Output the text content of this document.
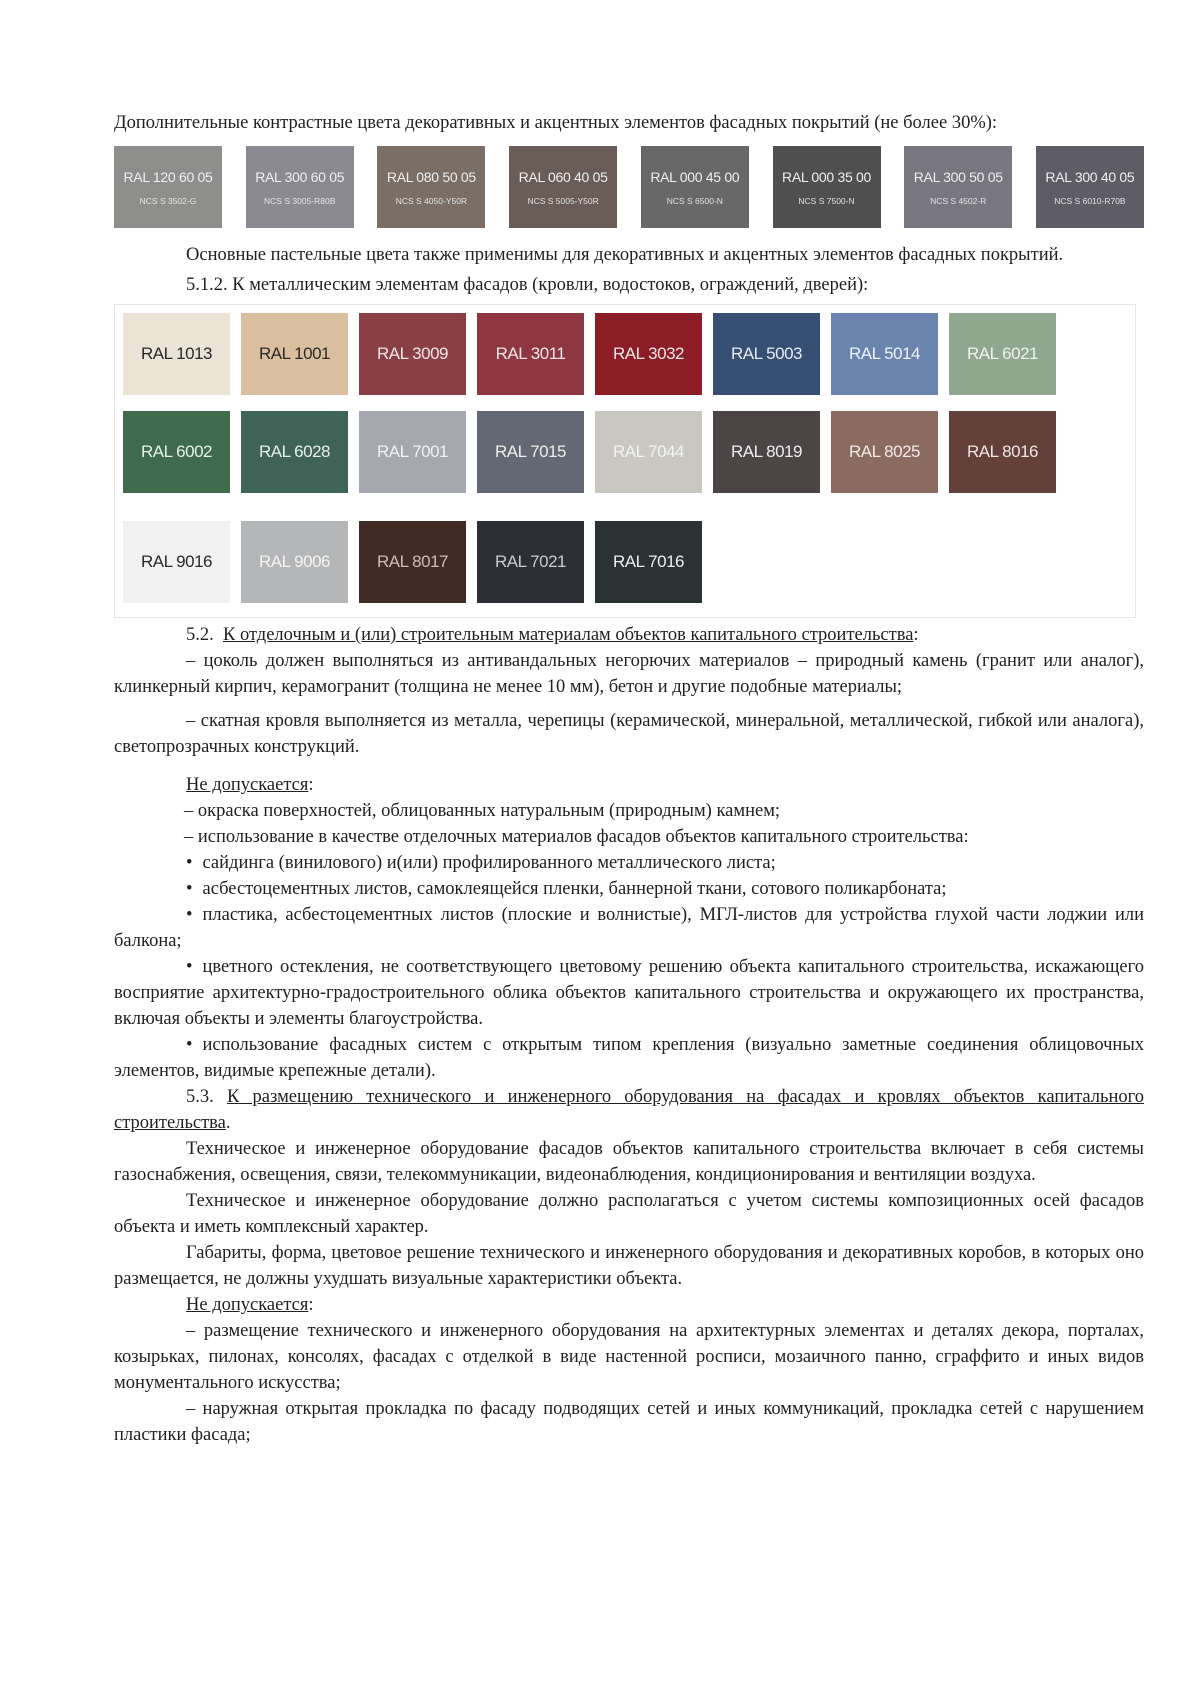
Дополнительные контрастные цвета декоративных и акцентных элементов фасадных покрытий (не более 30%):

RAL 120 60 05
NCS S 3502-G
RAL 300 60 05
NCS S 3005-R80B
RAL 080 50 05
NCS S 4050-Y50R
RAL 060 40 05
NCS S 5005-Y50R
RAL 000 45 00
NCS S 6500-N
RAL 000 35 00
NCS S 7500-N
RAL 300 50 05
NCS S 4502-R
RAL 300 40 05
NCS S 6010-R70B

Основные пастельные цвета также применимы для декоративных и акцентных элементов фасадных покрытий.

5.1.2. К металлическим элементам фасадов (кровли, водостоков, ограждений, дверей):

RAL 1013	RAL 1001	RAL 3009	RAL 3011	RAL 3032	RAL 5003	RAL 5014	RAL 6021
RAL 6002	RAL 6028	RAL 7001	RAL 7015	RAL 7044	RAL 8019	RAL 8025	RAL 8016
RAL 9016	RAL 9006	RAL 8017	RAL 7021	RAL 7016

5.2. К отделочным и (или) строительным материалам объектов капитального строительства:

– цоколь должен выполняться из антивандальных негорючих материалов – природный камень (гранит или аналог), клинкерный кирпич, керамогранит (толщина не менее 10 мм), бетон и другие подобные материалы;

– скатная кровля выполняется из металла, черепицы (керамической, минеральной, металлической, гибкой или аналога), светопрозрачных конструкций.

Не допускается:

– окраска поверхностей, облицованных натуральным (природным) камнем;

– использование в качестве отделочных материалов фасадов объектов капитального строительства:

• сайдинга (винилового) и(или) профилированного металлического листа;

• асбестоцементных листов, самоклеящейся пленки, баннерной ткани, сотового поликарбоната;

• пластика, асбестоцементных листов (плоские и волнистые), МГЛ-листов для устройства глухой части лоджии или балкона;

• цветного остекления, не соответствующего цветовому решению объекта капитального строительства, искажающего восприятие архитектурно-градостроительного облика объектов капитального строительства и окружающего их пространства, включая объекты и элементы благоустройства.

• использование фасадных систем с открытым типом крепления (визуально заметные соединения облицовочных элементов, видимые крепежные детали).

5.3. К размещению технического и инженерного оборудования на фасадах и кровлях объектов капитального строительства.

Техническое и инженерное оборудование фасадов объектов капитального строительства включает в себя системы газоснабжения, освещения, связи, телекоммуникации, видеонаблюдения, кондиционирования и вентиляции воздуха.

Техническое и инженерное оборудование должно располагаться с учетом системы композиционных осей фасадов объекта и иметь комплексный характер.

Габариты, форма, цветовое решение технического и инженерного оборудования и декоративных коробов, в которых оно размещается, не должны ухудшать визуальные характеристики объекта.

Не допускается:

– размещение технического и инженерного оборудования на архитектурных элементах и деталях декора, порталах, козырьках, пилонах, консолях, фасадах с отделкой в виде настенной росписи, мозаичного панно, сграффито и иных видов монументального искусства;

– наружная открытая прокладка по фасаду подводящих сетей и иных коммуникаций, прокладка сетей с нарушением пластики фасада;
